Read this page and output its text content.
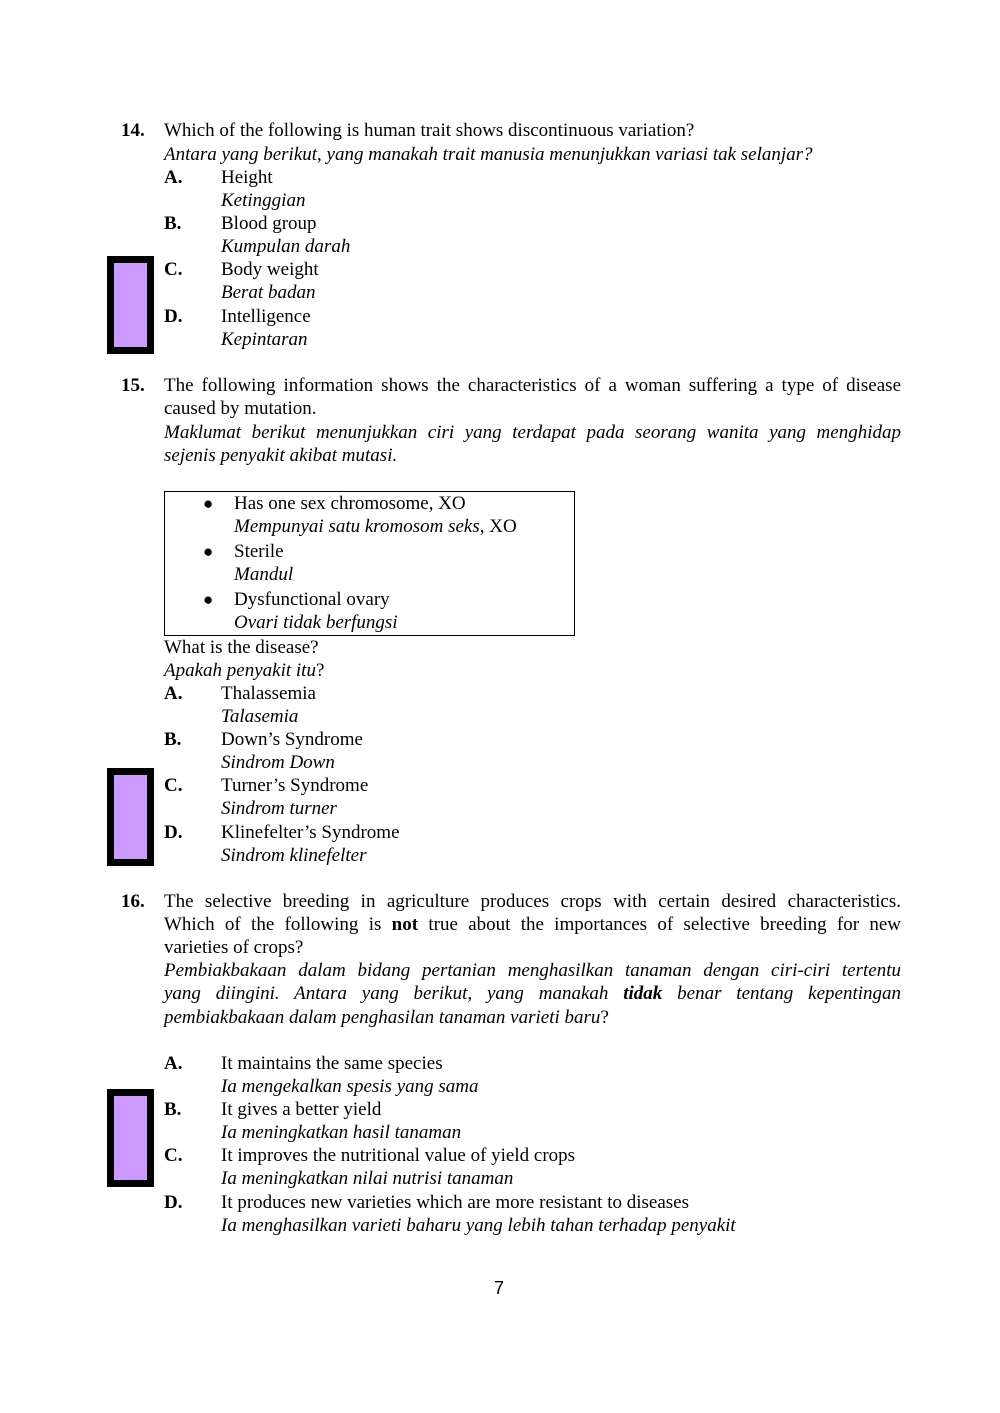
14. Which of the following is human trait shows discontinuous variation?
Antara yang berikut, yang manakah trait manusia menunjukkan variasi tak selanjar?
A. Height
Ketinggian
B. Blood group
Kumpulan darah
C. Body weight
Berat badan
D. Intelligence
Kepintaran
15. The following information shows the characteristics of a woman suffering a type of disease
caused by mutation.
Maklumat berikut menunjukkan ciri yang terdapat pada seorang wanita yang menghidap
sejenis penyakit akibat mutasi.
● Has one sex chromosome, XO
Mempunyai satu kromosom seks, XO
● Sterile
Mandul
● Dysfunctional ovary
Ovari tidak berfungsi
What is the disease?
Apakah penyakit itu?
A. Thalassemia
Talasemia
B. Down’s Syndrome
Sindrom Down
C. Turner’s Syndrome
Sindrom turner
D. Klinefelter’s Syndrome
Sindrom klinefelter
16. The selective breeding in agriculture produces crops with certain desired characteristics.
Which of the following is not true about the importances of selective breeding for new
varieties of crops?
Pembiakbakaan dalam bidang pertanian menghasilkan tanaman dengan ciri-ciri tertentu
yang diingini. Antara yang berikut, yang manakah tidak benar tentang kepentingan
pembiakbakaan dalam penghasilan tanaman varieti baru?
A. It maintains the same species
Ia mengekalkan spesis yang sama
B. It gives a better yield
Ia meningkatkan hasil tanaman
C. It improves the nutritional value of yield crops
Ia meningkatkan nilai nutrisi tanaman
D. It produces new varieties which are more resistant to diseases
Ia menghasilkan varieti baharu yang lebih tahan terhadap penyakit
7
